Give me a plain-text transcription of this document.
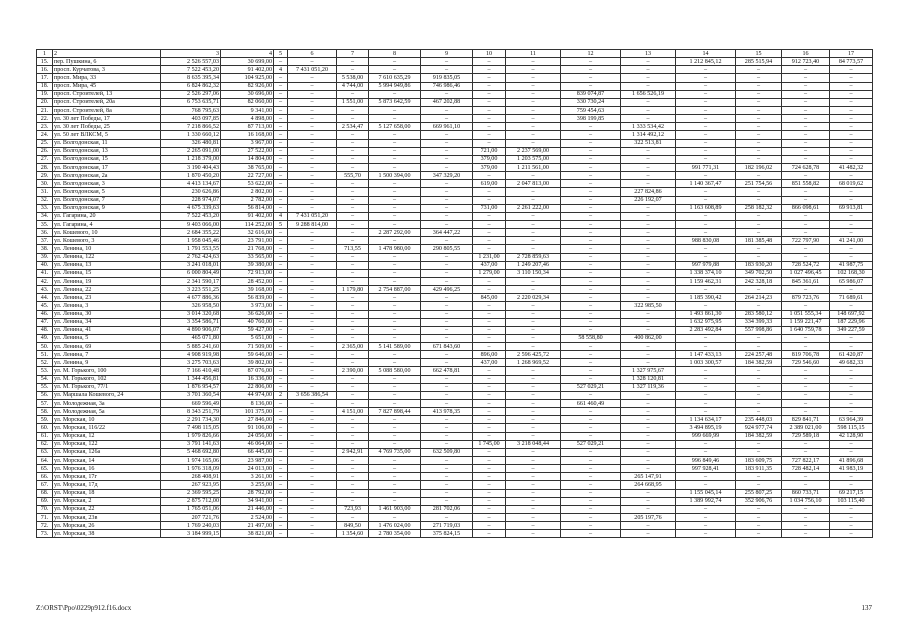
1	2	3	4	5	6	7	8	9	10	11	12	13	14	15	16	17
15.	пер. Пушкина, 6	2 526 557,03	30 699,00	–	–	–	–	–	–	–	–	–	1 212 845,12	285 515,94	912 723,40	84 773,57
16.	просп. Курчатова, 3	7 522 453,20	91 402,00	4	7 431 051,20	–	–	–	–	–	–	–	–	–	–	–
17.	просп. Мира, 33	8 635 395,34	104 925,00	–	–	5 538,00	7 610 635,29	919 835,05	–	–	–	–	–	–	–	–
18.	просп. Мира, 45	6 824 862,32	82 926,00	–	–	4 744,00	5 994 949,86	746 986,46	–	–	–	–	–	–	–	–
19.	просп. Строителей, 13	2 526 297,06	30 696,00	–	–	–	–	–	–	–	839 074,87	1 656 526,19	–	–	–	–
20.	просп. Строителей, 20а	6 753 635,71	82 060,00	–	–	1 551,00	5 873 642,59	467 202,88	–	–	330 730,24	–	–	–	–	–
21.	просп. Строителей, 8а	768 795,63	9 341,00	–	–	–	–	–	–	–	759 454,63	–	–	–	–	–
22.	ул. 30 лет Победы, 17	403 097,85	4 898,00	–	–	–	–	–	–	–	398 199,85	–	–	–	–	–
23.	ул. 30 лет Победы, 25	7 218 866,52	87 713,00	–	–	2 534,47	5 127 658,00	669 961,10	–	–	–	1 333 534,42	–	–	–	–
24.	ул. 50 лет ВЛКСМ, 5	1 330 660,12	16 168,00	–	–	–	–	–	–	–	–	1 314 492,12	–	–	–	–
25.	ул. Волгодонская, 11	326 480,81	3 967,00	–	–	–	–	–	–	–	–	322 513,81	–	–	–	–
26.	ул. Волгодонская, 13	2 265 091,00	27 522,00	–	–	–	–	–	721,00	2 237 569,00	–	–	–	–	–	–
27.	ул. Волгодонская, 15	1 218 379,00	14 804,00	–	–	–	–	–	379,00	1 203 575,00	–	–	–	–	–	–
28.	ул. Волгодонская, 17	3 190 404,43	38 765,00	–	–	–	–	–	379,00	1 211 561,00	–	–	991 771,31	182 196,02	724 628,78	41 482,32
29.	ул. Волгодонская, 2а	1 870 450,20	22 727,00	–	–	555,70	1 500 394,00	347 329,20	–	–	–	–	–	–	–	–
30.	ул. Волгодонская, 3	4 413 134,67	53 622,00	–	–	–	–	–	619,00	2 047 813,00	–	–	1 140 367,47	251 754,56	851 558,82	68 019,62
31.	ул. Волгодонская, 5	230 626,86	2 802,00	–	–	–	–	–	–	–	–	227 824,86	–	–	–	–
32.	ул. Волгодонская, 7	228 974,07	2 782,00	–	–	–	–	–	–	–	–	226 192,07	–	–	–	–
33.	ул. Волгодонская, 9	4 675 339,63	56 814,00	–	–	–	–	–	731,00	2 261 222,00	–	–	1 163 608,89	258 182,32	866 098,61	69 913,81
34.	ул. Гагарина, 20	7 522 453,20	91 402,00	4	7 431 051,20	–	–	–	–	–	–	–	–	–	–	–
35.	ул. Гагарина, 4	9 403 066,00	114 252,00	5	9 288 814,00	–	–	–	–	–	–	–	–	–	–	–
36.	ул. Кошевого, 10	2 684 355,22	32 616,00	–	–	–	2 287 292,00	364 447,22	–	–	–	–	–	–	–	–
37.	ул. Кошевого, 3	1 958 045,46	23 791,00	–	–	–	–	–	–	–	–	–	988 830,08	181 385,48	722 797,90	41 241,00
38.	ул. Ленина, 10	1 791 553,55	21 768,00	–	–	713,55	1 478 980,00	290 805,55	–	–	–	–	–	–	–	–
39.	ул. Ленина, 122	2 762 424,63	33 565,00	–	–	–	–	–	1 231,00	2 728 859,63	–	–	–	–	–	–
40.	ул. Ленина, 13	3 241 018,01	39 380,00	–	–	–	–	–	437,00	1 249 207,46	–	–	997 979,88	183 930,20	728 524,72	41 987,75
41.	ул. Ленина, 15	6 000 804,49	72 913,00	–	–	–	–	–	1 279,00	3 110 150,34	–	–	1 338 374,10	349 702,50	1 027 496,45	102 168,30
42.	ул. Ленина, 19	2 341 590,17	28 452,00	–	–	–	–	–	–	–	–	–	1 159 462,31	242 328,18	845 361,61	65 986,07
43.	ул. Ленина, 22	3 223 551,25	39 168,00	–	–	1 179,80	2 754 887,00	429 496,25	–	–	–	–	–	–	–	–
44.	ул. Ленина, 23	4 677 886,36	56 839,00	–	–	–	–	–	845,00	2 220 029,34	–	–	1 185 390,42	264 214,23	879 723,76	71 689,61
45.	ул. Ленина, 3	326 958,50	3 973,00	–	–	–	–	–	–	–	–	322 985,50	–	–	–	–
46.	ул. Ленина, 30	3 014 320,68	36 626,00	–	–	–	–	–	–	–	–	–	1 493 861,30	283 580,12	1 051 555,34	148 697,92
47.	ул. Ленина, 34	3 354 586,71	40 760,00	–	–	–	–	–	–	–	–	–	1 632 975,95	334 399,33	1 159 221,47	187 229,96
48.	ул. Ленина, 41	4 890 906,07	59 427,00	–	–	–	–	–	–	–	–	–	2 283 492,84	557 998,86	1 640 759,78	349 227,59
49.	ул. Ленина, 5	465 071,80	5 651,00	–	–	–	–	–	–	–	58 558,80	400 862,00	–	–	–	–
50.	ул. Ленина, 69	5 885 241,60	71 509,00	–	–	2 365,00	5 141 589,00	671 843,60	–	–	–	–	–	–	–	–
51.	ул. Ленина, 7	4 908 919,98	59 646,00	–	–	–	–	–	896,00	2 596 425,72	–	–	1 147 433,13	224 257,48	819 706,78	61 420,87
52.	ул. Ленина, 9	3 275 703,63	39 802,00	–	–	–	–	–	437,00	1 268 969,52	–	–	1 003 300,57	184 382,59	729 546,60	49 682,33
53.	ул. М. Горького, 100	7 166 410,48	87 076,00	–	–	2 390,00	5 088 580,00	662 478,81	–	–	–	1 327 975,67	–	–	–	–
54.	ул. М. Горького, 102	1 344 456,81	16 336,00	–	–	–	–	–	–	–	–	1 328 120,81	–	–	–	–
55.	ул. М. Горького, 77/1	1 876 954,57	22 806,00	–	–	–	–	–	–	–	527 029,21	1 327 119,36	–	–	–	–
56.	ул. Маршала Кошевого, 24	3 701 360,54	44 974,00	2	3 656 386,54	–	–	–	–	–	–	–	–	–	–	–
57.	ул. Молодежная, 3а	669 596,49	8 136,00	–	–	–	–	–	–	–	661 460,49	–	–	–	–	–
58.	ул. Молодежная, 5а	8 343 251,79	101 375,00	–	–	4 151,00	7 827 898,44	413 978,35	–	–	–	–	–	–	–	–
59.	ул. Морская, 10	2 291 734,30	27 846,00	–	–	–	–	–	–	–	–	–	1 134 634,17	235 448,03	829 841,71	63 964,39
60.	ул. Морская, 116/22	7 498 115,05	91 106,00	–	–	–	–	–	–	–	–	–	3 494 895,19	924 977,74	2 389 021,00	598 115,15
61.	ул. Морская, 12	1 979 826,66	24 056,00	–	–	–	–	–	–	–	–	–	999 669,99	184 382,59	729 589,18	42 128,90
62.	ул. Морская, 122	3 791 141,63	46 064,00	–	–	–	–	–	1 745,00	3 218 048,44	527 029,21	–	–	–	–	–
63.	ул. Морская, 126а	5 468 692,80	66 445,00	–	–	2 942,91	4 769 735,00	632 509,80	–	–	–	–	–	–	–	–
64.	ул. Морская, 14	1 974 165,06	23 987,00	–	–	–	–	–	–	–	–	–	996 849,46	183 609,75	727 822,17	41 896,68
65.	ул. Морская, 16	1 976 318,09	24 013,00	–	–	–	–	–	–	–	–	–	997 928,41	183 911,35	728 482,14	41 983,19
66.	ул. Морская, 17г	268 408,91	3 261,00	–	–	–	–	–	–	–	–	265 147,91	–	–	–	–
67.	ул. Морская, 17д	267 923,95	3 255,00	–	–	–	–	–	–	–	–	264 668,95	–	–	–	–
68.	ул. Морская, 18	2 369 595,25	28 792,00	–	–	–	–	–	–	–	–	–	1 155 045,14	255 807,25	860 733,71	69 217,15
69.	ул. Морская, 2	2 875 712,00	34 941,00	–	–	–	–	–	–	–	–	–	1 389 992,74	352 906,76	1 034 756,10	103 115,40
70.	ул. Морская, 22	1 765 051,06	21 446,00	–	–	723,93	1 461 903,00	281 702,06	–	–	–	–	–	–	–	–
71.	ул. Морская, 23в	207 721,76	2 524,00	–	–	–	–	–	–	–	–	205 197,76	–	–	–	–
72.	ул. Морская, 26	1 769 240,03	21 497,00	–	–	849,50	1 476 024,00	271 719,03	–	–	–	–	–	–	–	–
73.	ул. Морская, 38	3 184 999,15	38 821,00	–	–	1 354,60	2 780 354,00	375 824,15	–	–	–	–	–	–	–	–
Z:\ORST\Ppo\0229p912.f16.docx	137
